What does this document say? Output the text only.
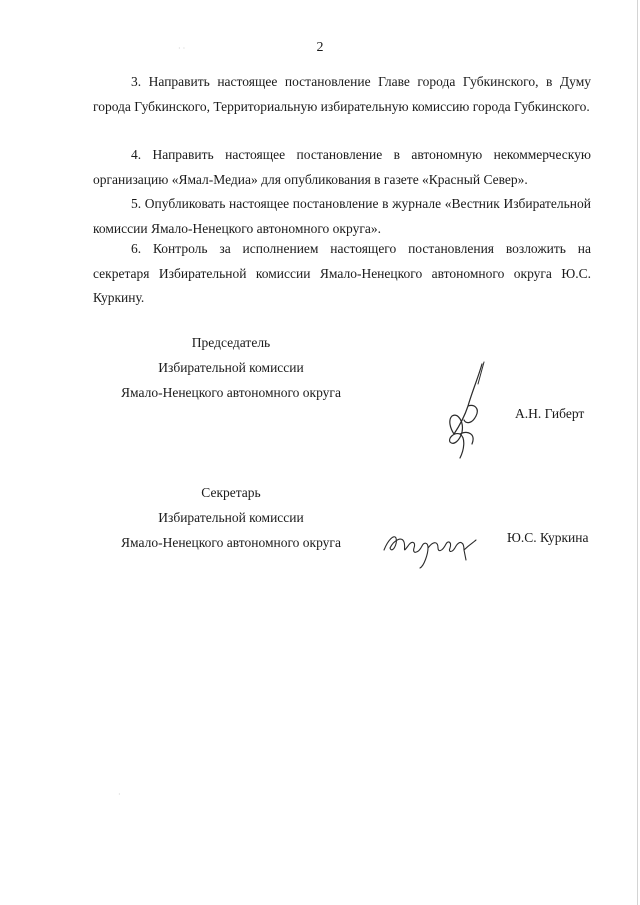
2

3. Направить настоящее постановление Главе города Губкинского, в Думу города Губкинского, Территориальную избирательную комиссию города Губкинского.

4. Направить настоящее постановление в автономную некоммерческую организацию «Ямал-Медиа» для опубликования в газете «Красный Север».

5. Опубликовать настоящее постановление в журнале «Вестник Избирательной комиссии Ямало-Ненецкого автономного округа».

6. Контроль за исполнением настоящего постановления возложить на секретаря Избирательной комиссии Ямало-Ненецкого автономного округа Ю.С. Куркину.

Председатель
Избирательной комиссии
Ямало-Ненецкого автономного округа
А.Н. Гиберт
Секретарь
Избирательной комиссии
Ямало-Ненецкого автономного округа	Ю.С. Куркина
· ·
·
